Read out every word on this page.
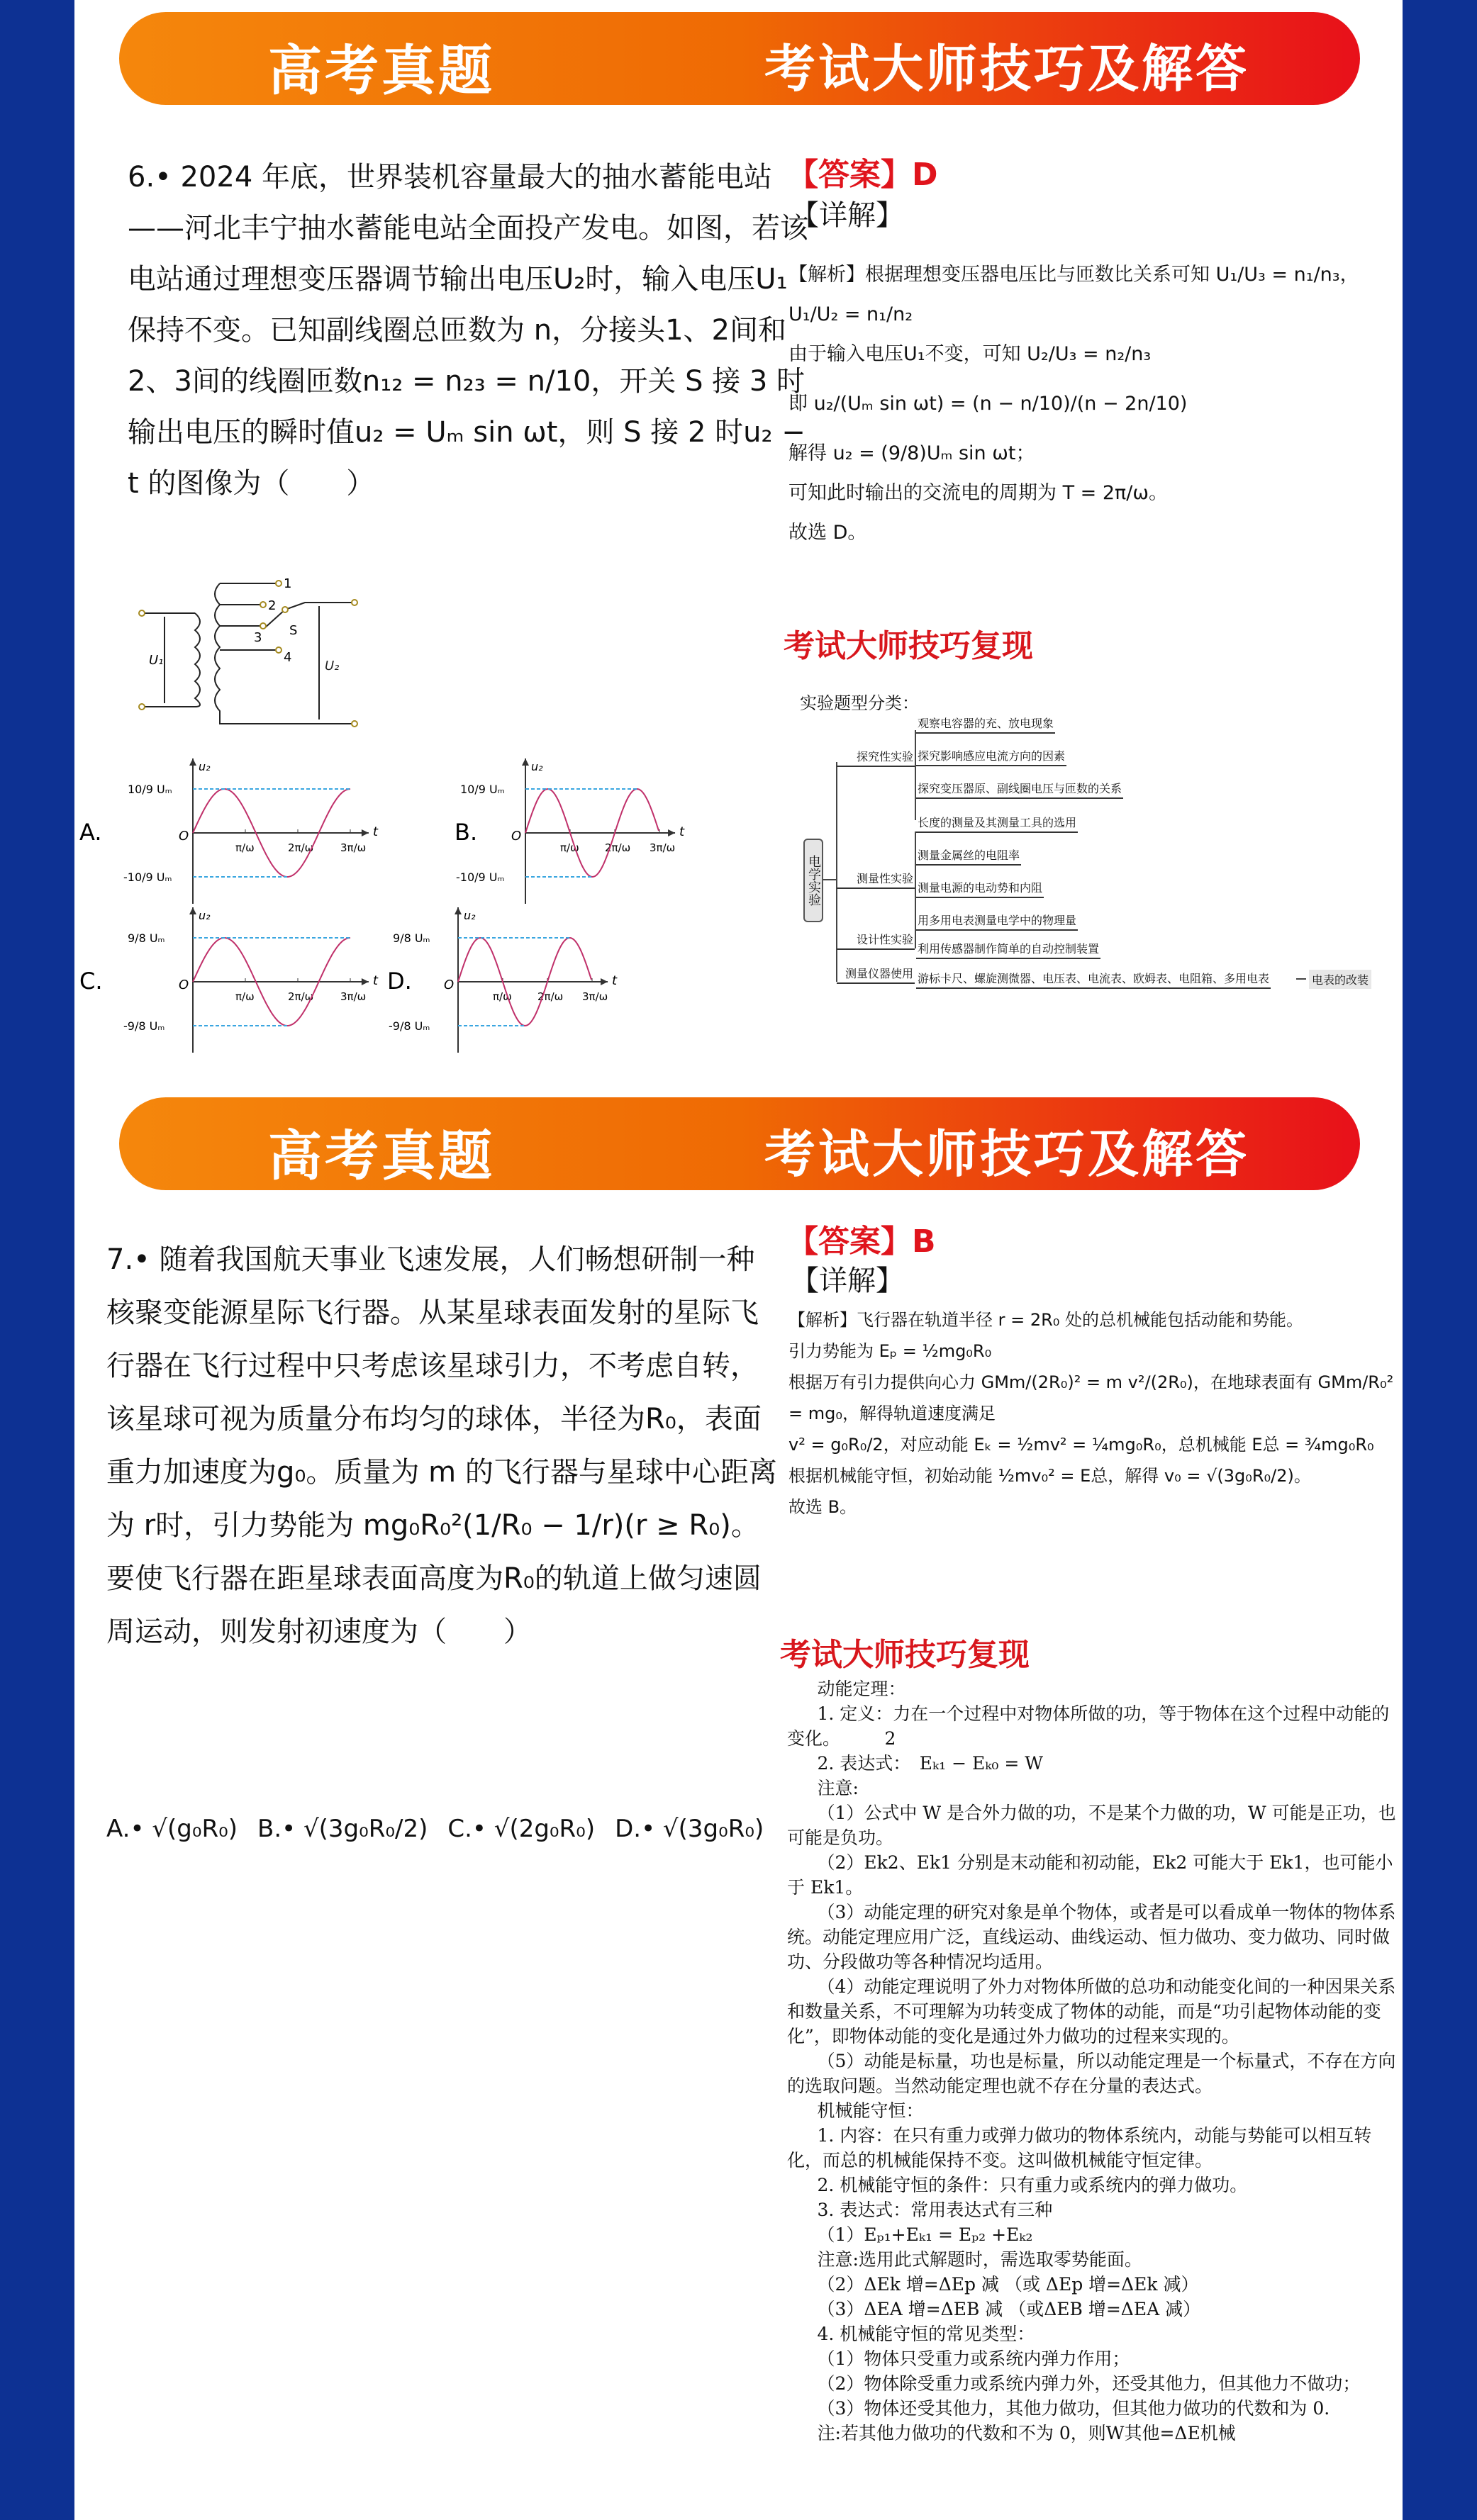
高考真题	考试大师技巧及解答
6.• 2024 年底，世界装机容量最大的抽水蓄能电站——河北丰宁抽水蓄能电站全面投产发电。如图，若该电站通过理想变压器调节输出电压U₂时，输入电压U₁保持不变。已知副线圈总匝数为 n，分接头1、2间和2、3间的线圈匝数n₁₂ = n₂₃ = n/10，开关 S 接 3 时输出电压的瞬时值u₂ = Uₘ sin ωt，则 S 接 2 时u₂ − t 的图像为（　　）
1
2
3
4
S
U₁	U₂
A.
u₂
t
O
10/9 Uₘ
-10/9 Uₘ
π/ω	2π/ω	3π/ω
B.
u₂
t
O
10/9 Uₘ
-10/9 Uₘ
π/ω 2π/ω 3π/ω
C.
u₂
t
O
9/8 Uₘ
-9/8 Uₘ
π/ω	2π/ω	3π/ω
D.
u₂
t
O
9/8 Uₘ
-9/8 Uₘ
π/ω 2π/ω 3π/ω
【答案】D
【详解】

【解析】根据理想变压器电压比与匝数比关系可知 U₁/U₃ = n₁/n₃，U₁/U₂ = n₁/n₂

由于输入电压U₁不变，可知 U₂/U₃ = n₂/n₃

即 u₂/(Uₘ sin ωt) = (n − n/10)/(n − 2n/10)

解得 u₂ = (9/8)Uₘ sin ωt；

可知此时输出的交流电的周期为 T = 2π/ω。

故选 D。

考试大师技巧复现
实验题型分类：
电学实验
探究性实验
测量性实验
设计性实验
测量仪器使用
观察电容器的充、放电现象
探究影响感应电流方向的因素
探究变压器原、副线圈电压与匝数的关系
长度的测量及其测量工具的选用
测量金属丝的电阻率
测量电源的电动势和内阻
用多用电表测量电学中的物理量
利用传感器制作简单的自动控制装置
游标卡尺、螺旋测微器、电压表、电流表、欧姆表、电阻箱、多用电表	电表的改装
高考真题	考试大师技巧及解答
7.• 随着我国航天事业飞速发展，人们畅想研制一种核聚变能源星际飞行器。从某星球表面发射的星际飞行器在飞行过程中只考虑该星球引力，不考虑自转，该星球可视为质量分布均匀的球体，半径为R₀，表面重力加速度为g₀。质量为 m 的飞行器与星球中心距离为 r时，引力势能为 mg₀R₀²(1/R₀ − 1/r)(r ≥ R₀)。要使飞行器在距星球表面高度为R₀的轨道上做匀速圆周运动，则发射初速度为（　　）
A.• √(g₀R₀) B.• √(3g₀R₀/2) C.• √(2g₀R₀) D.• √(3g₀R₀)
【答案】B
【详解】

【解析】飞行器在轨道半径 r = 2R₀ 处的总机械能包括动能和势能。

引力势能为 Eₚ = ½mg₀R₀

根据万有引力提供向心力 GMm/(2R₀)² = m v²/(2R₀)，在地球表面有 GMm/R₀² = mg₀，解得轨道速度满足

v² = g₀R₀/2，对应动能 Eₖ = ½mv² = ¼mg₀R₀，总机械能 E总 = ¾mg₀R₀

根据机械能守恒，初始动能 ½mv₀² = E总，解得 v₀ = √(3g₀R₀/2)。

故选 B。

考试大师技巧复现

动能定理：

1. 定义：力在一个过程中对物体所做的功，等于物体在这个过程中动能的变化。　　　2

2. 表达式：　Eₖ₁ − Eₖ₀ = W

注意:

（1）公式中 W 是合外力做的功，不是某个力做的功，W 可能是正功，也可能是负功。

（2）Ek2、Ek1 分别是末动能和初动能，Ek2 可能大于 Ek1，也可能小于 Ek1。

（3）动能定理的研究对象是单个物体，或者是可以看成单一物体的物体系统。动能定理应用广泛，直线运动、曲线运动、恒力做功、变力做功、同时做功、分段做功等各种情况均适用。

（4）动能定理说明了外力对物体所做的总功和动能变化间的一种因果关系和数量关系，不可理解为功转变成了物体的动能，而是“功引起物体动能的变化”，即物体动能的变化是通过外力做功的过程来实现的。

（5）动能是标量，功也是标量，所以动能定理是一个标量式，不存在方向的选取问题。当然动能定理也就不存在分量的表达式。

机械能守恒：

1. 内容：在只有重力或弹力做功的物体系统内，动能与势能可以相互转化，而总的机械能保持不变。这叫做机械能守恒定律。

2. 机械能守恒的条件：只有重力或系统内的弹力做功。

3. 表达式：常用表达式有三种

（1）Eₚ₁+Eₖ₁ = Eₚ₂ +Eₖ₂

注意:选用此式解题时，需选取零势能面。

（2）ΔEk 增=ΔEp 减 （或 ΔEp 增=ΔEk 减）

（3）ΔEA 增=ΔEB 减 （或ΔEB 增=ΔEA 减）

4. 机械能守恒的常见类型：

（1）物体只受重力或系统内弹力作用；

（2）物体除受重力或系统内弹力外，还受其他力，但其他力不做功；

（3）物体还受其他力，其他力做功，但其他力做功的代数和为 0.

注:若其他力做功的代数和不为 0，则W其他=ΔE机械
